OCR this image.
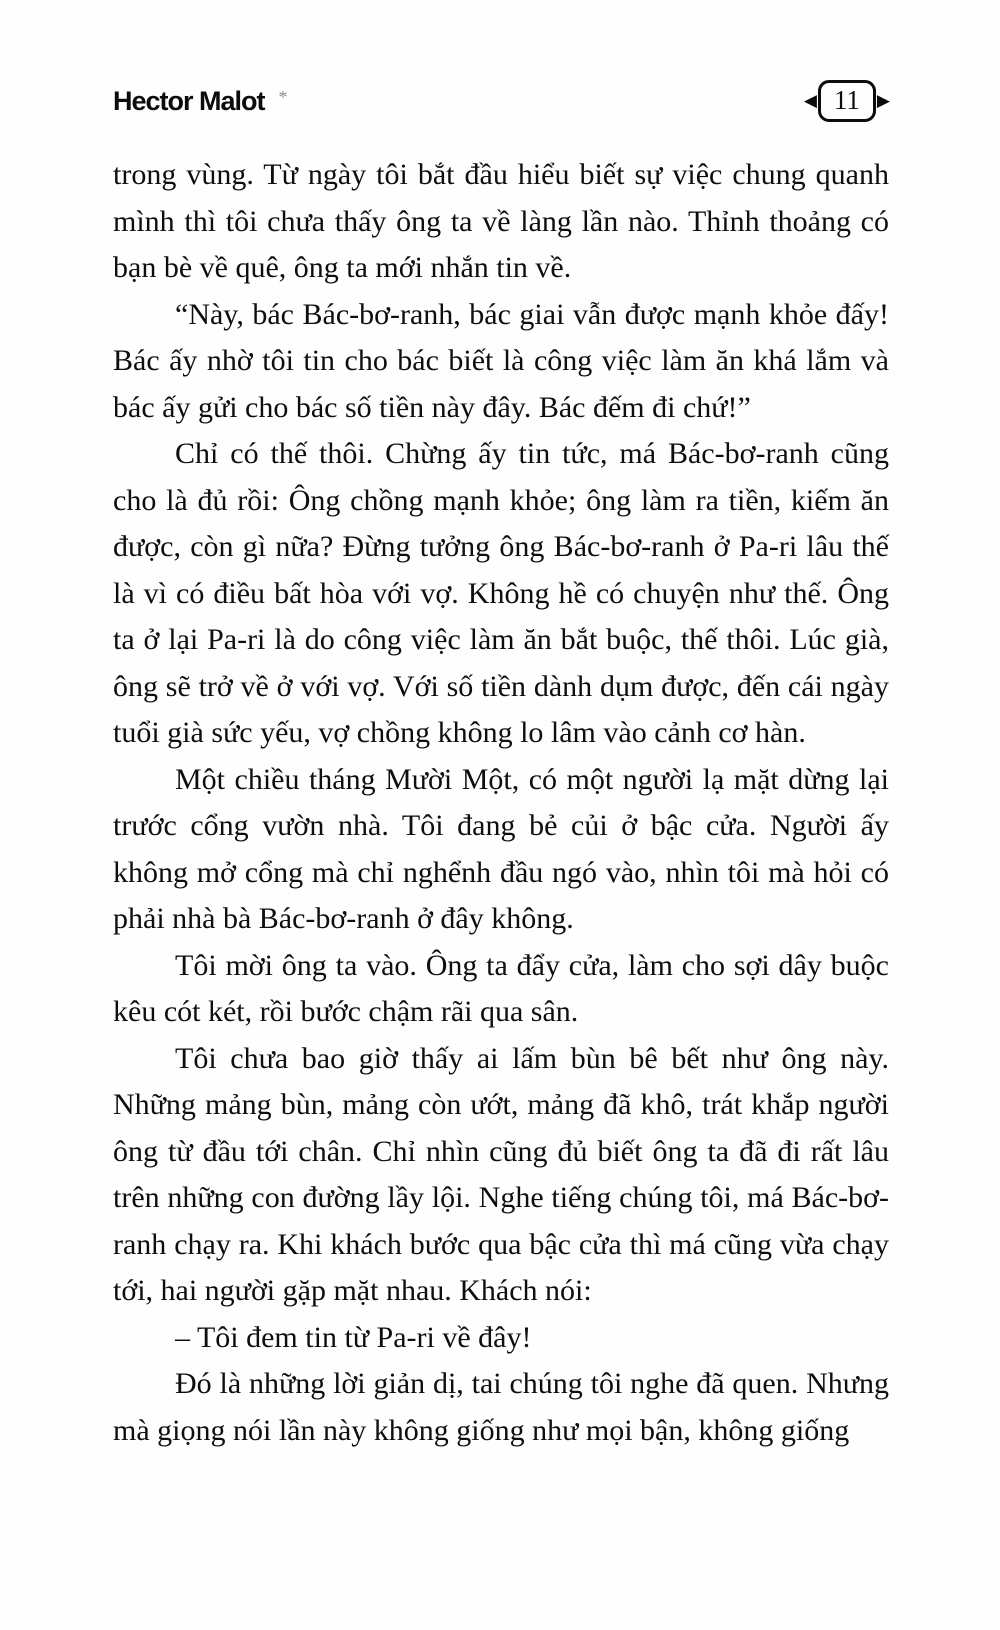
Hector Malot *	◀ 11	▶

trong vùng. Từ ngày tôi bắt đầu hiểu biết sự việc chung quanh mình thì tôi chưa thấy ông ta về làng lần nào. Thỉnh thoảng có bạn bè về quê, ông ta mới nhắn tin về.

“Này, bác Bác-bơ-ranh, bác giai vẫn được mạnh khỏe đấy! Bác ấy nhờ tôi tin cho bác biết là công việc làm ăn khá lắm và bác ấy gửi cho bác số tiền này đây. Bác đếm đi chứ!”

Chỉ có thế thôi. Chừng ấy tin tức, má Bác-bơ-ranh cũng cho là đủ rồi: Ông chồng mạnh khỏe; ông làm ra tiền, kiếm ăn được, còn gì nữa? Đừng tưởng ông Bác-bơ-ranh ở Pa-ri lâu thế là vì có điều bất hòa với vợ. Không hề có chuyện như thế. Ông ta ở lại Pa-ri là do công việc làm ăn bắt buộc, thế thôi. Lúc già, ông sẽ trở về ở với vợ. Với số tiền dành dụm được, đến cái ngày tuổi già sức yếu, vợ chồng không lo lâm vào cảnh cơ hàn.

Một chiều tháng Mười Một, có một người lạ mặt dừng lại trước cổng vườn nhà. Tôi đang bẻ củi ở bậc cửa. Người ấy không mở cổng mà chỉ nghểnh đầu ngó vào, nhìn tôi mà hỏi có phải nhà bà Bác-bơ-ranh ở đây không.

Tôi mời ông ta vào. Ông ta đẩy cửa, làm cho sợi dây buộc kêu cót két, rồi bước chậm rãi qua sân.

Tôi chưa bao giờ thấy ai lấm bùn bê bết như ông này. Những mảng bùn, mảng còn ướt, mảng đã khô, trát khắp người ông từ đầu tới chân. Chỉ nhìn cũng đủ biết ông ta đã đi rất lâu trên những con đường lầy lội. Nghe tiếng chúng tôi, má Bác-bơ-ranh chạy ra. Khi khách bước qua bậc cửa thì má cũng vừa chạy tới, hai người gặp mặt nhau. Khách nói:

– Tôi đem tin từ Pa-ri về đây!

Đó là những lời giản dị, tai chúng tôi nghe đã quen. Nhưng mà giọng nói lần này không giống như mọi bận, không giống
